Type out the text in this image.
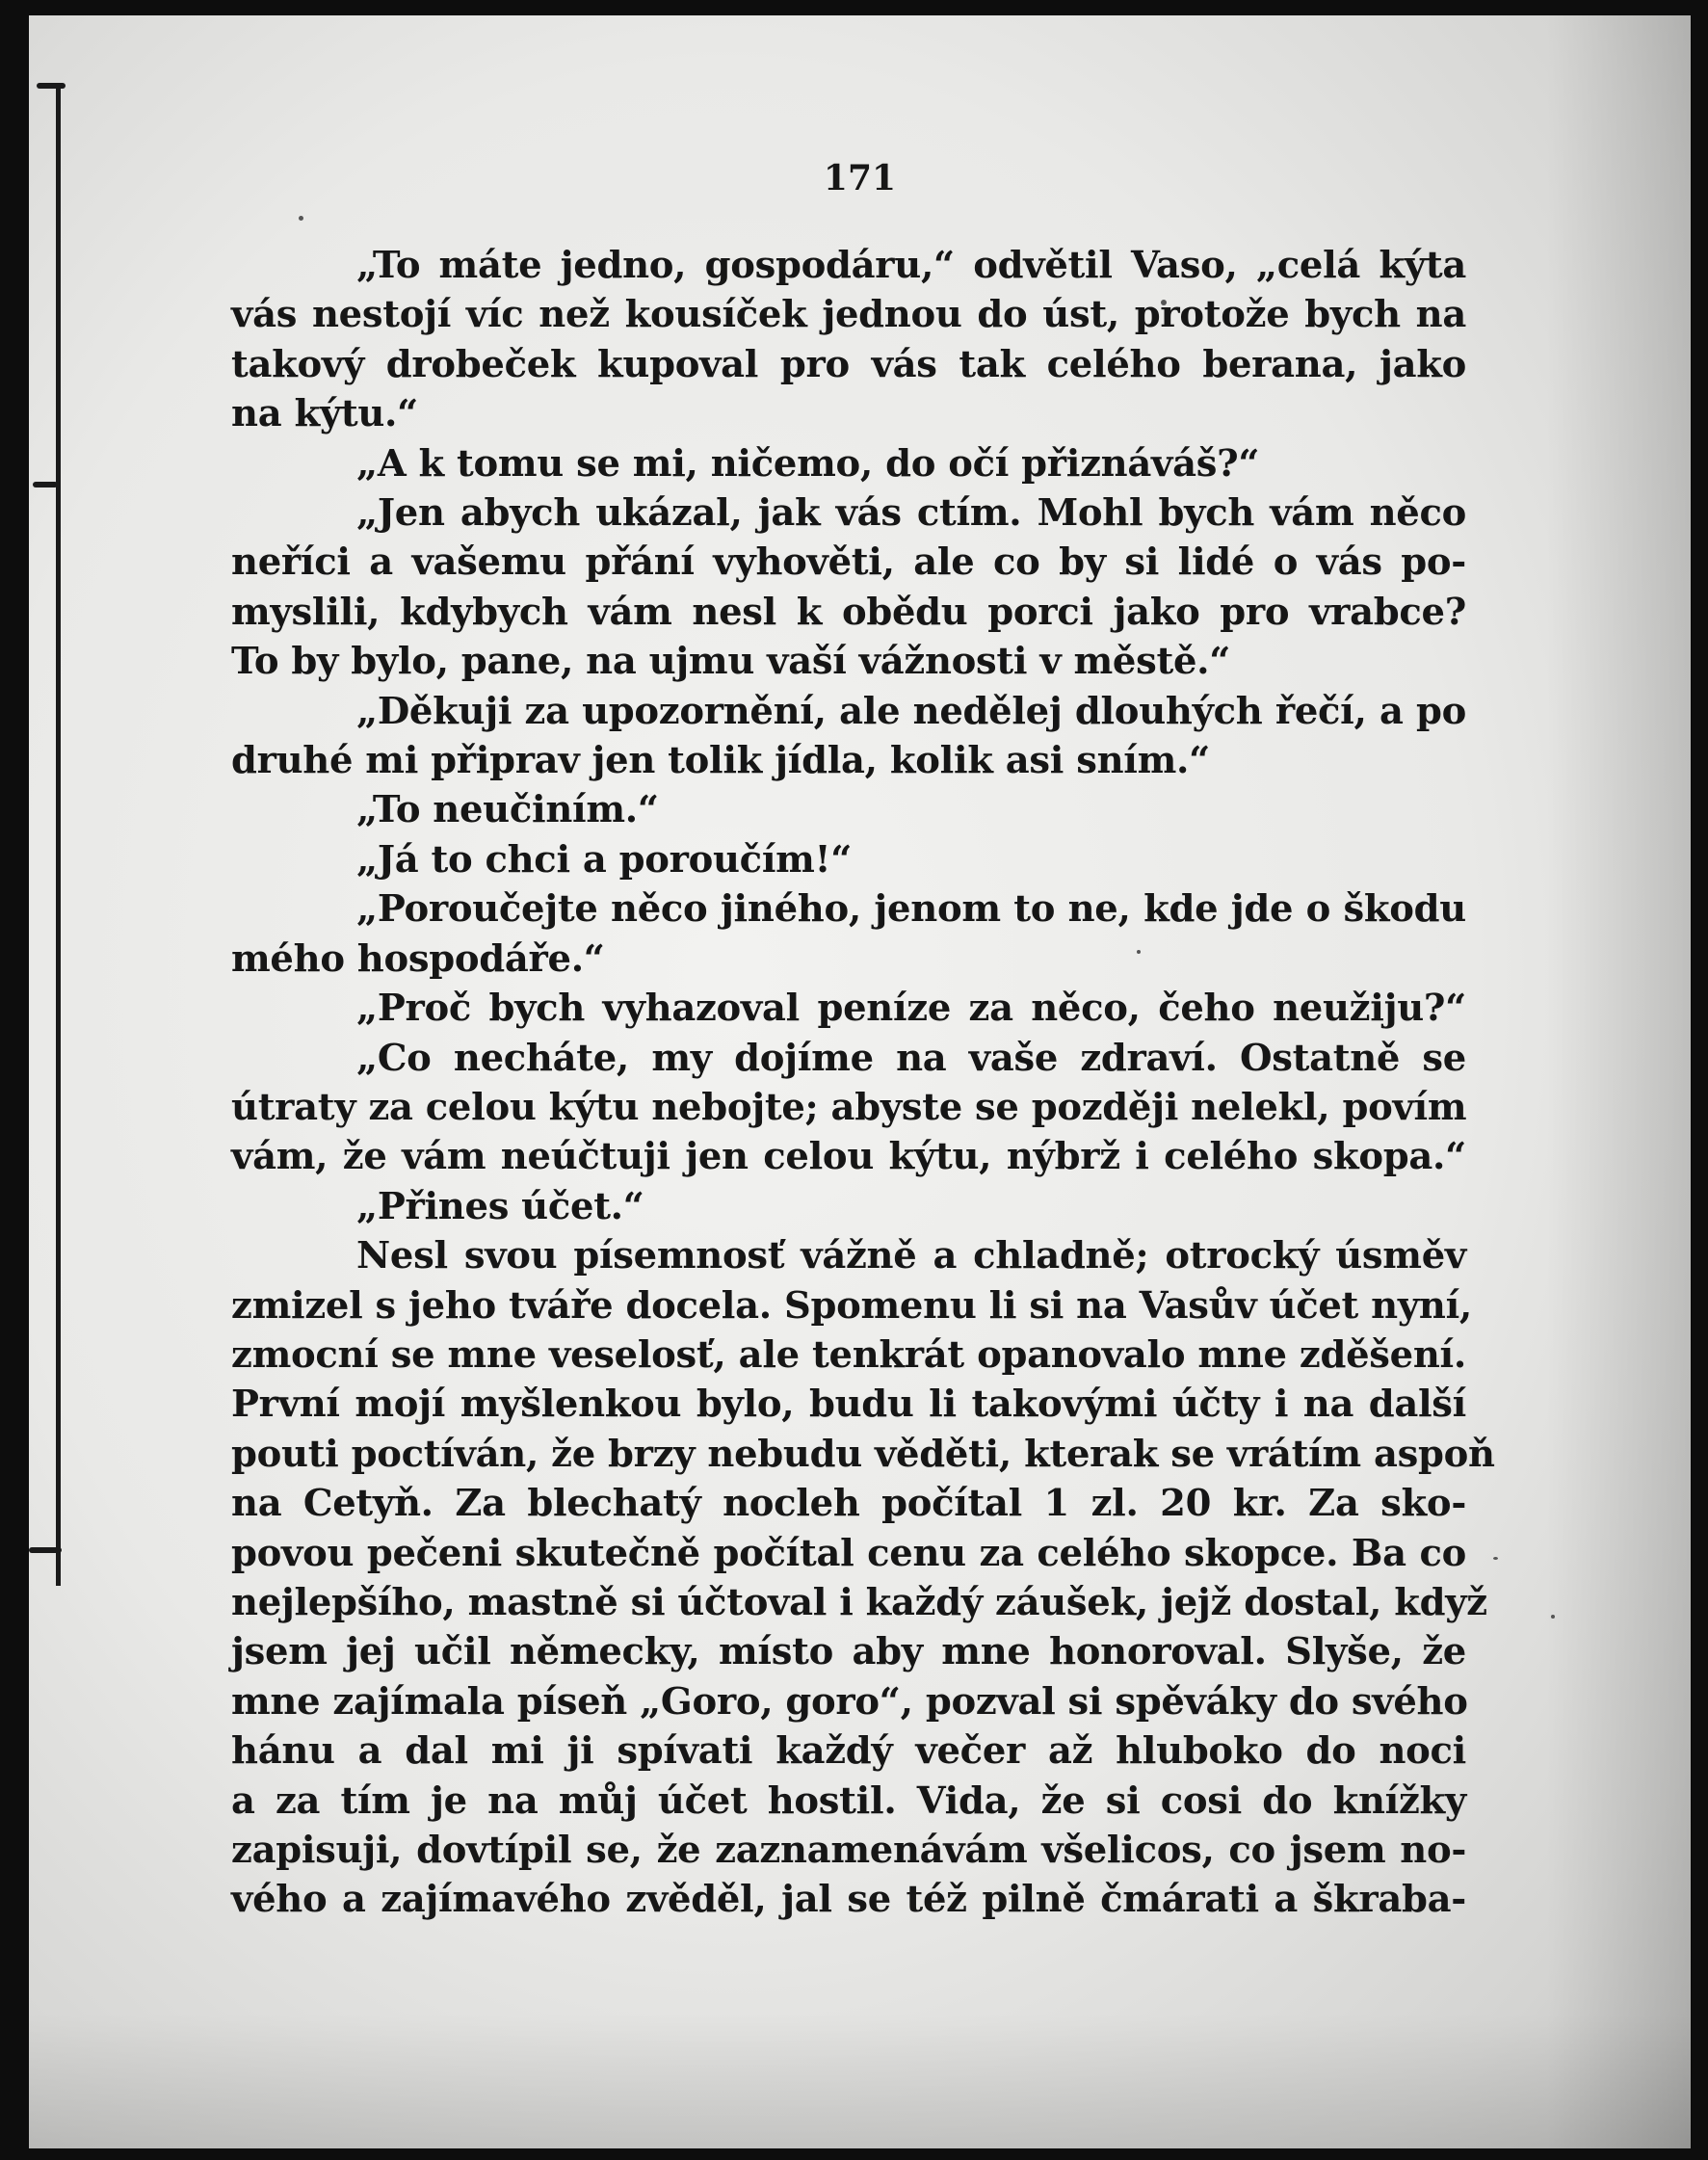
171
„To máte jedno, gospodáru,“ odvětil Vaso, „celá kýta
vás nestojí víc než kousíček jednou do úst, protože bych na
takový drobeček kupoval pro vás tak celého berana, jako
na kýtu.“
„A k tomu se mi, ničemo, do očí přiznáváš?“
„Jen abych ukázal, jak vás ctím. Mohl bych vám něco
neříci a vašemu přání vyhověti, ale co by si lidé o vás po-
myslili, kdybych vám nesl k obědu porci jako pro vrabce?
To by bylo, pane, na ujmu vaší vážnosti v městě.“
„Děkuji za upozornění, ale nedělej dlouhých řečí, a po
druhé mi připrav jen tolik jídla, kolik asi sním.“
„To neučiním.“
„Já to chci a poroučím!“
„Poroučejte něco jiného, jenom to ne, kde jde o škodu
mého hospodáře.“
„Proč bych vyhazoval peníze za něco, čeho neužiju?“
„Co necháte, my dojíme na vaše zdraví. Ostatně se
útraty za celou kýtu nebojte; abyste se později nelekl, povím
vám, že vám neúčtuji jen celou kýtu, nýbrž i celého skopa.“
„Přines účet.“
Nesl svou písemnosť vážně a chladně; otrocký úsměv
zmizel s jeho tváře docela. Spomenu li si na Vasův účet nyní,
zmocní se mne veselosť, ale tenkrát opanovalo mne zděšení.
První mojí myšlenkou bylo, budu li takovými účty i na další
pouti poctíván, že brzy nebudu věděti, kterak se vrátím aspoň
na Cetyň. Za blechatý nocleh počítal 1 zl. 20 kr. Za sko-
povou pečeni skutečně počítal cenu za celého skopce. Ba co
nejlepšího, mastně si účtoval i každý záušek, jejž dostal, když
jsem jej učil německy, místo aby mne honoroval. Slyše, že
mne zajímala píseň „Goro, goro“, pozval si spěváky do svého
hánu a dal mi ji spívati každý večer až hluboko do noci
a za tím je na můj účet hostil. Vida, že si cosi do knížky
zapisuji, dovtípil se, že zaznamenávám všelicos, co jsem no-
vého a zajímavého zvěděl, jal se též pilně čmárati a škraba-
